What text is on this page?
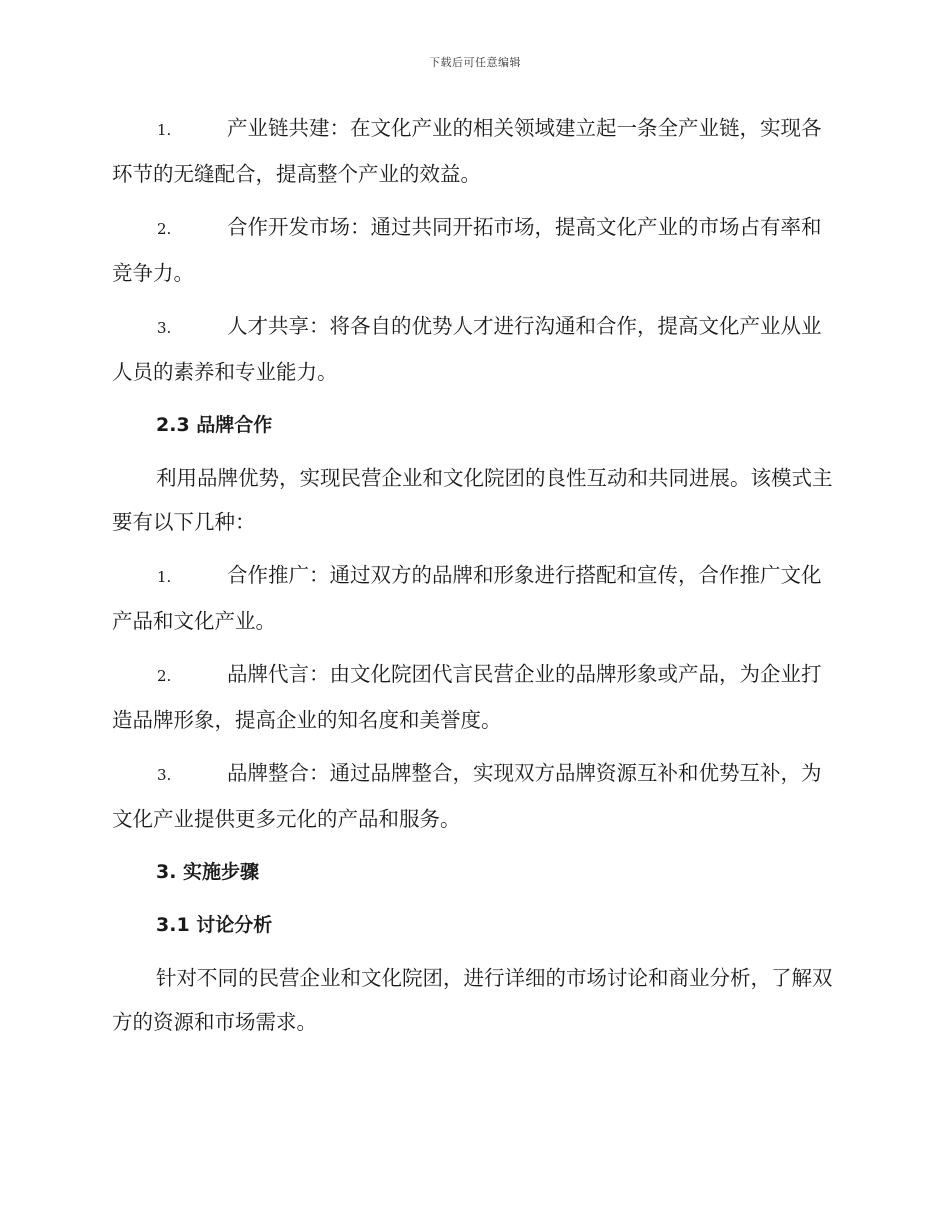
下载后可任意编辑

1.	产业链共建：在文化产业的相关领域建立起一条全产业链，实现各环节的无缝配合，提高整个产业的效益。

2.	合作开发市场：通过共同开拓市场，提高文化产业的市场占有率和竞争力。

3.	人才共享：将各自的优势人才进行沟通和合作，提高文化产业从业人员的素养和专业能力。

2.3 品牌合作

利用品牌优势，实现民营企业和文化院团的良性互动和共同进展。该模式主要有以下几种：

1.	合作推广：通过双方的品牌和形象进行搭配和宣传，合作推广文化产品和文化产业。

2.	品牌代言：由文化院团代言民营企业的品牌形象或产品，为企业打造品牌形象，提高企业的知名度和美誉度。

3.	品牌整合：通过品牌整合，实现双方品牌资源互补和优势互补，为文化产业提供更多元化的产品和服务。

3. 实施步骤
3.1 讨论分析

针对不同的民营企业和文化院团，进行详细的市场讨论和商业分析，了解双方的资源和市场需求。
